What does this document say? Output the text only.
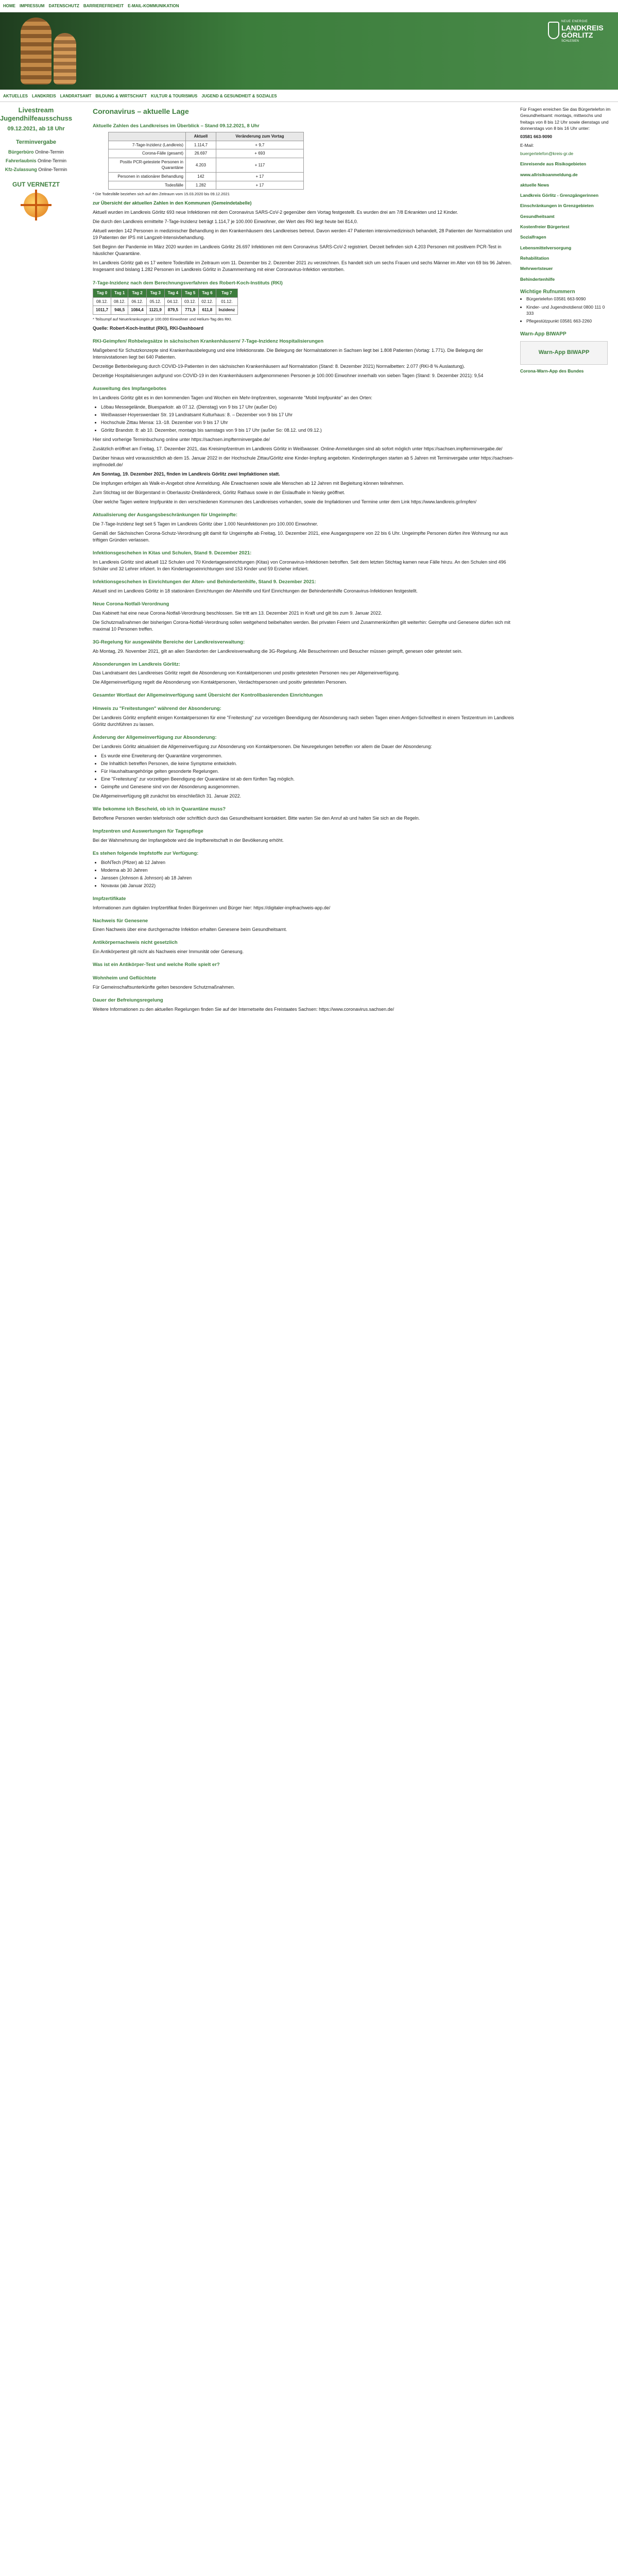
HOME IMPRESSUM DATENSCHUTZ BARRIEREFREIHEIT E-MAIL-KOMMUNIKATION
NEUE ENERGIE
LANDKREIS
GÖRLITZ
SCHLESIEN
AKTUELLES LANDKREIS LANDRATSAMT BILDUNG & WIRTSCHAFT KULTUR & TOURISMUS JUGEND & GESUNDHEIT & SOZIALES
Livestream Jugendhilfeausschuss
09.12.2021, ab 18 Uhr
Terminvergabe
Bürgerbüro Online-Termin
Fahrerlaubnis Online-Termin
Kfz-Zulassung Online-Termin
GUT VERNETZT
Coronavirus – aktuelle Lage
Aktuelle Zahlen des Landkreises im Überblick – Stand 09.12.2021, 8 Uhr
	Aktuell	Veränderung zum Vortag
7-Tage-Inzidenz (Landkreis)	1.114,7	+ 9,7
Corona-Fälle (gesamt)	26.697	+ 693
Positiv PCR-getestete Personen in Quarantäne	4.203	+ 117
Personen in stationärer Behandlung	142	+ 17
Todesfälle	1.282	+ 17

* Die Todesfälle beziehen sich auf den Zeitraum vom 15.03.2020 bis 09.12.2021

zur Übersicht der aktuellen Zahlen in den Kommunen (Gemeindetabelle)

Aktuell wurden im Landkreis Görlitz 693 neue Infektionen mit dem Coronavirus SARS-CoV-2 gegenüber dem Vortag festgestellt. Es wurden drei am 7/8 Erkrankten und 12 Kinder.

Die durch den Landkreis ermittelte 7-Tage-Inzidenz beträgt 1.114,7 je 100.000 Einwohner, der Wert des RKI liegt heute bei 814,0.

Aktuell werden 142 Personen in medizinischer Behandlung in den Krankenhäusern des Landkreises betreut. Davon werden 47 Patienten intensivmedizinisch behandelt, 28 Patienten der Normalstation und 19 Patienten der IPS mit Langzeit-Intensivbehandlung.

Seit Beginn der Pandemie im März 2020 wurden im Landkreis Görlitz 26.697 Infektionen mit dem Coronavirus SARS-CoV-2 registriert. Derzeit befinden sich 4.203 Personen mit positivem PCR-Test in häuslicher Quarantäne.

Im Landkreis Görlitz gab es 17 weitere Todesfälle im Zeitraum vom 11. Dezember bis 2. Dezember 2021 zu verzeichnen. Es handelt sich um sechs Frauen und sechs Männer im Alter von 69 bis 96 Jahren. Insgesamt sind bislang 1.282 Personen im Landkreis Görlitz in Zusammenhang mit einer Coronavirus-Infektion verstorben.

7-Tage-Inzidenz nach dem Berechnungsverfahren des Robert-Koch-Instituts (RKI)
Tag 0	Tag 1	Tag 2	Tag 3	Tag 4	Tag 5	Tag 6	Tag 7
08.12.	08.12.	06.12.	05.12.	04.12.	03.12.	02.12.	01.12.
1011,7	946,5	1084,4	1121,9	879,5	771,9	611,8	Inzidenz

* Teilsumpf auf Neuerkrankungen je 100.000 Einwohner und Helium-Tag des RKI.

Quelle: Robert-Koch-Institut (RKI), RKI-Dashboard

RKI-Geimpfen/ Rohbelegsätze in sächsischen Krankenhäusern/ 7-Tage-Inzidenz Hospitalisierungen

Maßgebend für Schutzkonzepte sind Krankenhausbelegung und eine Infektionsrate. Die Belegung der Normalstationen in Sachsen liegt bei 1.808 Patienten (Vortag: 1.771). Die Belegung der Intensivstationen liegt bei 640 Patienten.

Derzeitige Bettenbelegung durch COVID-19-Patienten in den sächsischen Krankenhäusern auf Normalstation (Stand: 8. Dezember 2021) Normalbetten: 2.077 (RKI-8 % Auslastung).

Derzeitige Hospitalisierungen aufgrund von COVID-19 in den Krankenhäusern aufgenommenen Personen je 100.000 Einwohner innerhalb von sieben Tagen (Stand: 9. Dezember 2021): 9,54

Ausweitung des Impfangebotes

Im Landkreis Görlitz gibt es in den kommenden Tagen und Wochen ein Mehr-Impfzentren, sogenannte "Mobil Impfpunkte" an den Orten:

• Löbau Messegelände, Bluesparkstr. ab 07.12. (Dienstag) von 9 bis 17 Uhr (außer Do)
• Weißwasser-Hoyerswerdaer Str. 19 Landratsamt Kulturhaus: 8. – Dezember von 9 bis 17 Uhr
• Hochschule Zittau Mensa: 13.-18. Dezember von 9 bis 17 Uhr
• Görlitz Brandstr. 8: ab 10. Dezember, montags bis samstags von 9 bis 17 Uhr (außer So: 08.12. und 09.12.)

Hier sind vorherige Terminbuchung online unter https://sachsen.impfterminvergabe.de/

Zusätzlich eröffnet am Freitag, 17. Dezember 2021, das Kreisimpfzentrum im Landkreis Görlitz in Weißwasser. Online-Anmeldungen sind ab sofort möglich unter https://sachsen.impfterminvergabe.de/

Darüber hinaus wird voraussichtlich ab dem 15. Januar 2022 in der Hochschule Zittau/Görlitz eine Kinder-Impfung angeboten. Kinderimpfungen starten ab 5 Jahren mit Terminvergabe unter https://sachsen-impfmodell.de/

Am Sonntag, 19. Dezember 2021, finden im Landkreis Görlitz zwei Impfaktionen statt.

Die Impfungen erfolgen als Walk-in-Angebot ohne Anmeldung. Alle Erwachsenen sowie alle Menschen ab 12 Jahren mit Begleitung können teilnehmen.

Zum Stichtag ist der Bürgerstand in Oberlausitz-Dreiländereck, Görlitz Rathaus sowie in der Eislaufhalle in Niesky geöffnet.

Über welche Tagen weitere Impfpunkte in den verschiedenen Kommunen des Landkreises vorhanden, sowie die Impfaktionen und Termine unter dem Link https://www.landkreis.gr/impfen/

Aktualisierung der Ausgangsbeschränkungen für Ungeimpfte:

Die 7-Tage-Inzidenz liegt seit 5 Tagen im Landkreis Görlitz über 1.000 Neuinfektionen pro 100.000 Einwohner.

Gemäß der Sächsischen Corona-Schutz-Verordnung gilt damit für Ungeimpfte ab Freitag, 10. Dezember 2021, eine Ausgangssperre von 22 bis 6 Uhr. Ungeimpfte Personen dürfen ihre Wohnung nur aus triftigen Gründen verlassen.

Infektionsgeschehen in Kitas und Schulen, Stand 9. Dezember 2021:

Im Landkreis Görlitz sind aktuell 112 Schulen und 70 Kindertageseinrichtungen (Kitas) von Coronavirus-Infektionen betroffen. Seit dem letzten Stichtag kamen neue Fälle hinzu. An den Schulen sind 496 Schüler und 32 Lehrer infiziert. In den Kindertageseinrichtungen sind 153 Kinder und 59 Erzieher infiziert.

Infektionsgeschehen in Einrichtungen der Alten- und Behindertenhilfe, Stand 9. Dezember 2021:

Aktuell sind im Landkreis Görlitz in 18 stationären Einrichtungen der Altenhilfe und fünf Einrichtungen der Behindertenhilfe Coronavirus-Infektionen festgestellt.

Neue Corona-Notfall-Verordnung

Das Kabinett hat eine neue Corona-Notfall-Verordnung beschlossen. Sie tritt am 13. Dezember 2021 in Kraft und gilt bis zum 9. Januar 2022.

Die Schutzmaßnahmen der bisherigen Corona-Notfall-Verordnung sollen weitgehend beibehalten werden. Bei privaten Feiern und Zusammenkünften gilt weiterhin: Geimpfte und Genesene dürfen sich mit maximal 10 Personen treffen.

3G-Regelung für ausgewählte Bereiche der Landkreisverwaltung:

Ab Montag, 29. November 2021, gilt an allen Standorten der Landkreisverwaltung die 3G-Regelung. Alle Besucherinnen und Besucher müssen geimpft, genesen oder getestet sein.

Absonderungen im Landkreis Görlitz:

Das Landratsamt des Landkreises Görlitz regelt die Absonderung von Kontaktpersonen und positiv getesteten Personen neu per Allgemeinverfügung.

Die Allgemeinverfügung regelt die Absonderung von Kontaktpersonen, Verdachtspersonen und positiv getesteten Personen.

Gesamter Wortlaut der Allgemeinverfügung samt Übersicht der Kontrollbasierenden Einrichtungen
Hinweis zu "Freitestungen" während der Absonderung:

Der Landkreis Görlitz empfiehlt einigen Kontaktpersonen für eine "Freitestung" zur vorzeitigen Beendigung der Absonderung nach sieben Tagen einen Antigen-Schnelltest in einem Testzentrum im Landkreis Görlitz durchführen zu lassen.

Änderung der Allgemeinverfügung zur Absonderung:

Der Landkreis Görlitz aktualisiert die Allgemeinverfügung zur Absonderung von Kontaktpersonen. Die Neuregelungen betreffen vor allem die Dauer der Absonderung:

• Es wurde eine Erweiterung der Quarantäne vorgenommen.
• Die Inhaltlich betreffen Personen, die keine Symptome entwickeln.
• Für Haushaltsangehörige gelten gesonderte Regelungen.
• Eine "Freitestung" zur vorzeitigen Beendigung der Quarantäne ist ab dem fünften Tag möglich.
• Geimpfte und Genesene sind von der Absonderung ausgenommen.

Die Allgemeinverfügung gilt zunächst bis einschließlich 31. Januar 2022.

Wie bekomme ich Bescheid, ob ich in Quarantäne muss?

Betroffene Personen werden telefonisch oder schriftlich durch das Gesundheitsamt kontaktiert. Bitte warten Sie den Anruf ab und halten Sie sich an die Regeln.

Impfzentren und Auswertungen für Tagespflege

Bei der Wahrnehmung der Impfangebote wird die Impfbereitschaft in der Bevölkerung erhöht.

Es stehen folgende Impfstoffe zur Verfügung:
• BioNTech (Pfizer) ab 12 Jahren
• Moderna ab 30 Jahren
• Janssen (Johnson & Johnson) ab 18 Jahren
• Novavax (ab Januar 2022)
Impfzertifikate

Informationen zum digitalen Impfzertifikat finden Bürgerinnen und Bürger hier: https://digitaler-impfnachweis-app.de/

Nachweis für Genesene

Einen Nachweis über eine durchgemachte Infektion erhalten Genesene beim Gesundheitsamt.

Antikörpernachweis nicht gesetzlich

Ein Antikörpertest gilt nicht als Nachweis einer Immunität oder Genesung.

Was ist ein Antikörper-Test und welche Rolle spielt er?
Wohnheim und Geflüchtete

Für Gemeinschaftsunterkünfte gelten besondere Schutzmaßnahmen.

Dauer der Befreiungsregelung

Weitere Informationen zu den aktuellen Regelungen finden Sie auf der Internetseite des Freistaates Sachsen: https://www.coronavirus.sachsen.de/

Für Fragen erreichen Sie das Bürgertelefon im Gesundheitsamt: montags, mittwochs und freitags von 8 bis 12 Uhr sowie dienstags und donnerstags von 8 bis 16 Uhr unter:

03581 663-9090

E-Mail:

buergertelefon@kreis-gr.de

Einreisende aus Risikogebieten
www.allrisikoanmeldung.de
aktuelle News
Landkreis Görlitz - Grenzgängerinnen
Einschränkungen in Grenzgebieten
Gesundheitsamt
Kostenfreier Bürgertest
Sozialfragen
Lebensmittelversorgung
Rehabilitation
Mehrwertsteuer
Behindertenhilfe
Wichtige Rufnummern
• Bürgertelefon 03581 663-9090
• Kinder- und Jugendnotdienst 0800 111 0 333
• Pflegestützpunkt 03581 663-2260
Warn-App BIWAPP
Warn-App BIWAPP

Corona-Warn-App des Bundes
